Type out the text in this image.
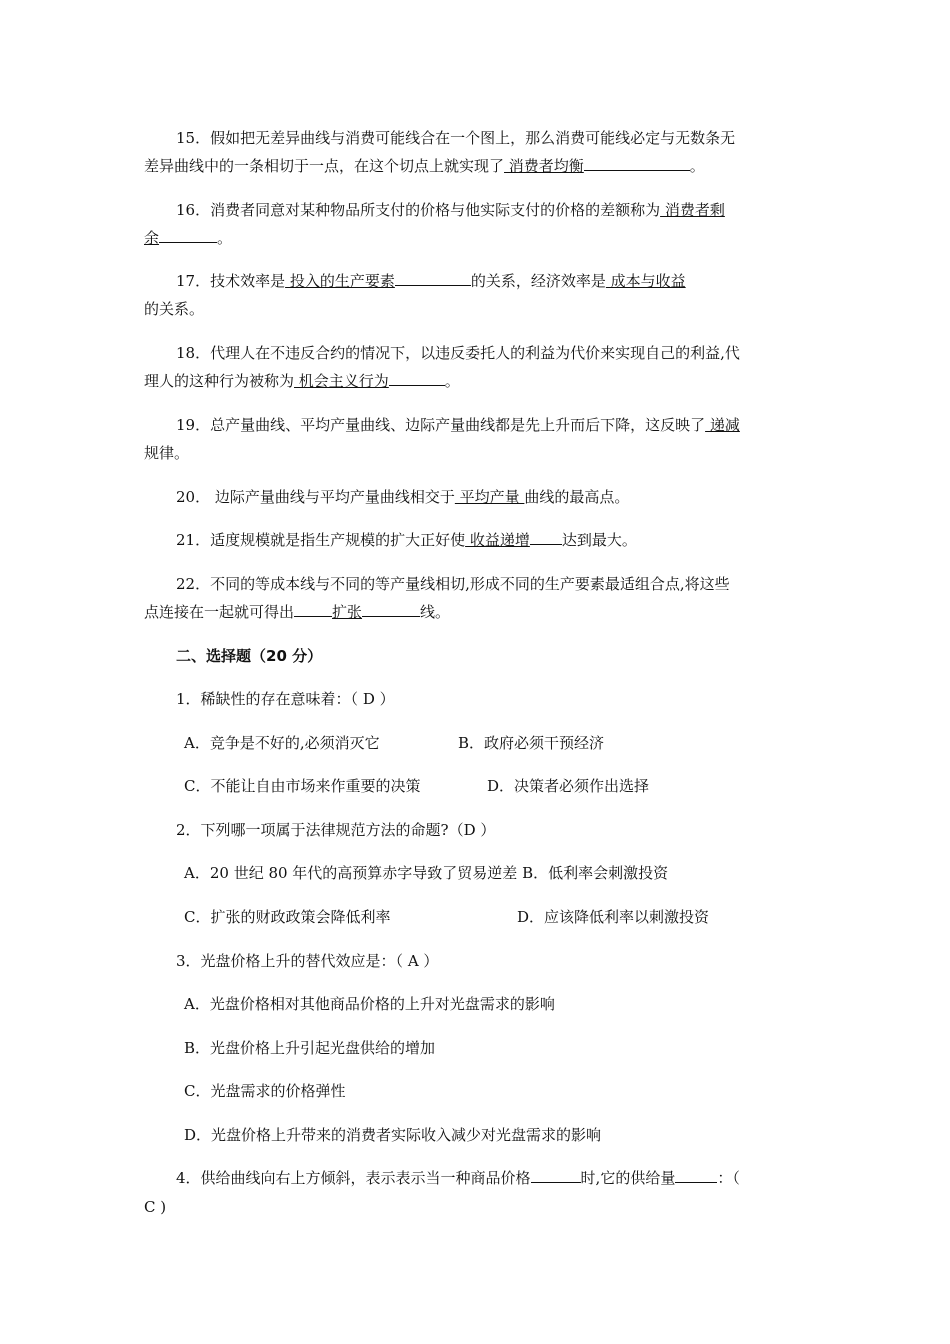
15．假如把无差异曲线与消费可能线合在一个图上，那么消费可能线必定与无数条无
差异曲线中的一条相切于一点，在这个切点上就实现了 消费者均衡	。
16．消费者同意对某种物品所支付的价格与他实际支付的价格的差额称为 消费者剩
余	。
17．技术效率是 投入的生产要素	的关系，经济效率是 成本与收益
的关系。
18．代理人在不违反合约的情况下，以违反委托人的利益为代价来实现自己的利益,代
理人的这种行为被称为 机会主义行为	。
19．总产量曲线、平均产量曲线、边际产量曲线都是先上升而后下降，这反映了 递减
规律。
20． 边际产量曲线与平均产量曲线相交于 平均产量 曲线的最高点。
21．适度规模就是指生产规模的扩大正好使 收益递增 达到最大。
22．不同的等成本线与不同的等产量线相切,形成不同的生产要素最适组合点,将这些
点连接在一起就可得出	扩张	线。
二、选择题（20 分）
1．稀缺性的存在意味着：（ D ）
A．竞争是不好的,必须消灭它	B．政府必须干预经济
C．不能让自由市场来作重要的决策	D．决策者必须作出选择
2．下列哪一项属于法律规范方法的命题?（D ）
A．20 世纪 80 年代的高预算赤字导致了贸易逆差 B．低利率会刺激投资
C．扩张的财政政策会降低利率	D．应该降低利率以刺激投资
3．光盘价格上升的替代效应是：（ A ）
A．光盘价格相对其他商品价格的上升对光盘需求的影响
B．光盘价格上升引起光盘供给的增加
C．光盘需求的价格弹性
D．光盘价格上升带来的消费者实际收入减少对光盘需求的影响
4．供给曲线向右上方倾斜，表示表示当一种商品价格	时,它的供给量	：（
C )
